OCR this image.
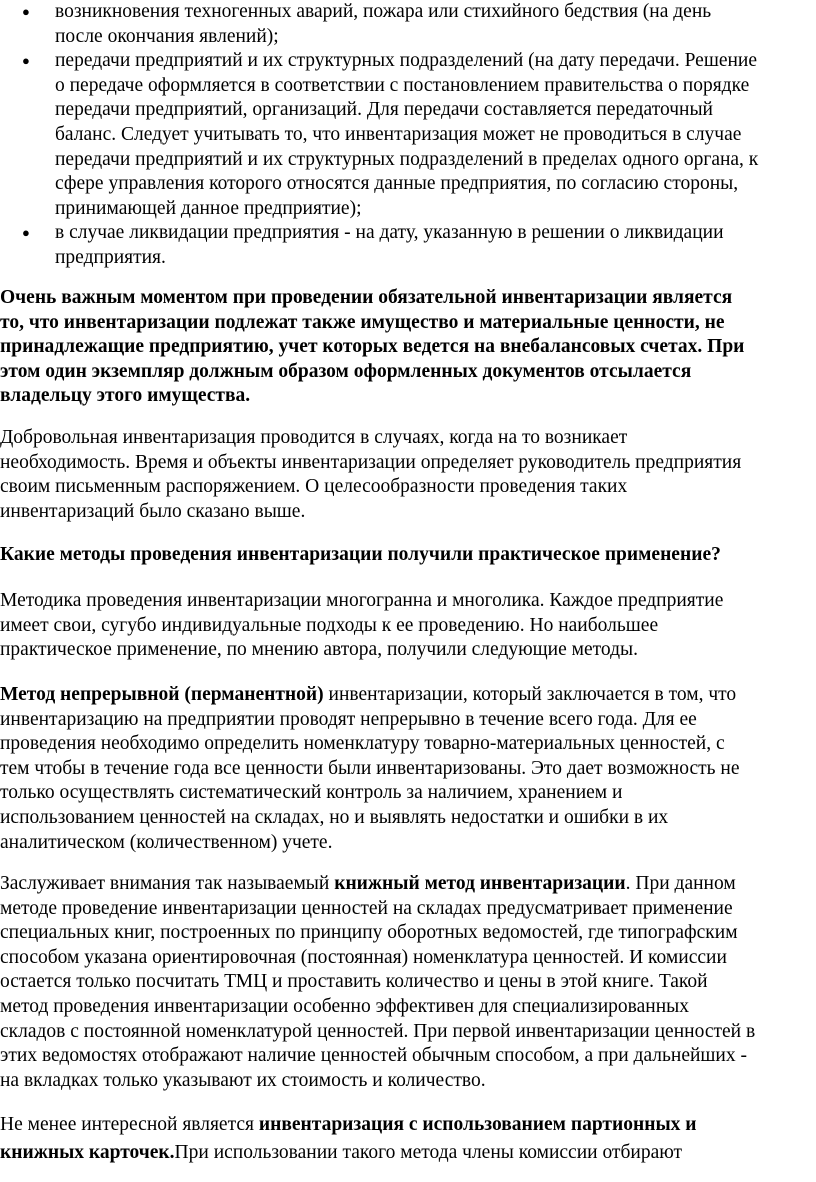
● возникновения техногенных аварий, пожара или стихийного бедствия (на день
после окончания явлений);
● передачи предприятий и их структурных подразделений (на дату передачи. Решение
о передаче оформляется в соответствии с постановлением правительства о порядке
передачи предприятий, организаций. Для передачи составляется передаточный
баланс. Следует учитывать то, что инвентаризация может не проводиться в случае
передачи предприятий и их структурных подразделений в пределах одного органа, к
сфере управления которого относятся данные предприятия, по согласию стороны,
принимающей данное предприятие);
● в случае ликвидации предприятия - на дату, указанную в решении о ликвидации
предприятия.

Очень важным моментом при проведении обязательной инвентаризации является
то, что инвентаризации подлежат также имущество и материальные ценности, не
принадлежащие предприятию, учет которых ведется на внебалансовых счетах. При
этом один экземпляр должным образом оформленных документов отсылается
владельцу этого имущества.

Добровольная инвентаризация проводится в случаях, когда на то возникает
необходимость. Время и объекты инвентаризации определяет руководитель предприятия
своим письменным распоряжением. О целесообразности проведения таких
инвентаризаций было сказано выше.

Какие методы проведения инвентаризации получили практическое применение?

Методика проведения инвентаризации многогранна и многолика. Каждое предприятие
имеет свои, сугубо индивидуальные подходы к ее проведению. Но наибольшее
практическое применение, по мнению автора, получили следующие методы.

Метод непрерывной (перманентной) инвентаризации, который заключается в том, что
инвентаризацию на предприятии проводят непрерывно в течение всего года. Для ее
проведения необходимо определить номенклатуру товарно-материальных ценностей, с
тем чтобы в течение года все ценности были инвентаризованы. Это дает возможность не
только осуществлять систематический контроль за наличием, хранением и
использованием ценностей на складах, но и выявлять недостатки и ошибки в их
аналитическом (количественном) учете.

Заслуживает внимания так называемый книжный метод инвентаризации. При данном
методе проведение инвентаризации ценностей на складах предусматривает применение
специальных книг, построенных по принципу оборотных ведомостей, где типографским
способом указана ориентировочная (постоянная) номенклатура ценностей. И комиссии
остается только посчитать ТМЦ и проставить количество и цены в этой книге. Такой
метод проведения инвентаризации особенно эффективен для специализированных
складов с постоянной номенклатурой ценностей. При первой инвентаризации ценностей в
этих ведомостях отображают наличие ценностей обычным способом, а при дальнейших -
на вкладках только указывают их стоимость и количество.

Не менее интересной является инвентаризация с использованием партионных и
книжных карточек.При использовании такого метода члены комиссии отбирают
